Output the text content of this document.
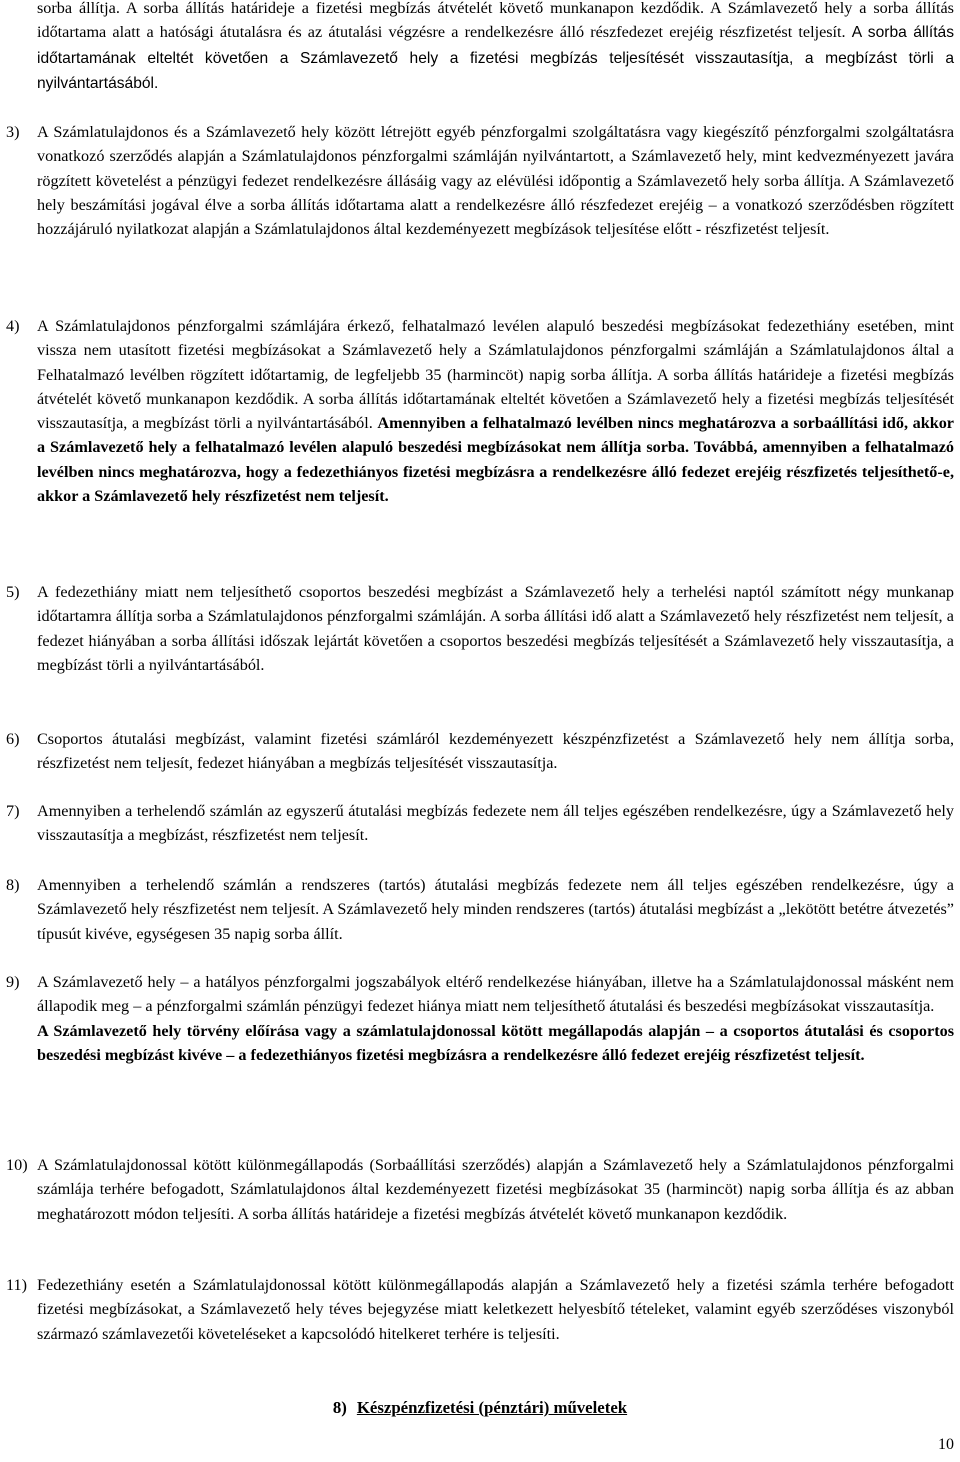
sorba állítja. A sorba állítás határideje a fizetési megbízás átvételét követő munkanapon kezdődik. A Számlavezető hely a sorba állítás időtartama alatt a hatósági átutalásra és az átutalási végzésre a rendelkezésre álló részfedezet erejéig részfizetést teljesít. A sorba állítás időtartamának elteltét követően a Számlavezető hely a fizetési megbízás teljesítését visszautasítja, a megbízást törli a nyilvántartásából.
3) A Számlatulajdonos és a Számlavezető hely között létrejött egyéb pénzforgalmi szolgáltatásra vagy kiegészítő pénzforgalmi szolgáltatásra vonatkozó szerződés alapján a Számlatulajdonos pénzforgalmi számláján nyilvántartott, a Számlavezető hely, mint kedvezményezett javára rögzített követelést a pénzügyi fedezet rendelkezésre állásáig vagy az elévülési időpontig a Számlavezető hely sorba állítja. A Számlavezető hely beszámítási jogával élve a sorba állítás időtartama alatt a rendelkezésre álló részfedezet erejéig – a vonatkozó szerződésben rögzített hozzájáruló nyilatkozat alapján a Számlatulajdonos által kezdeményezett megbízások teljesítése előtt - részfizetést teljesít.
4) A Számlatulajdonos pénzforgalmi számlájára érkező, felhatalmazó levélen alapuló beszedési megbízásokat fedezethiány esetében, mint vissza nem utasított fizetési megbízásokat a Számlavezető hely a Számlatulajdonos pénzforgalmi számláján a Számlatulajdonos által a Felhatalmazó levélben rögzített időtartamig, de legfeljebb 35 (harmincöt) napig sorba állítja. A sorba állítás határideje a fizetési megbízás átvételét követő munkanapon kezdődik. A sorba állítás időtartamának elteltét követően a Számlavezető hely a fizetési megbízás teljesítését visszautasítja, a megbízást törli a nyilvántartásából. Amennyiben a felhatalmazó levélben nincs meghatározva a sorbaállítási idő, akkor a Számlavezető hely a felhatalmazó levélen alapuló beszedési megbízásokat nem állítja sorba. Továbbá, amennyiben a felhatalmazó levélben nincs meghatározva, hogy a fedezethiányos fizetési megbízásra a rendelkezésre álló fedezet erejéig részfizetés teljesíthető-e, akkor a Számlavezető hely részfizetést nem teljesít.
5) A fedezethiány miatt nem teljesíthető csoportos beszedési megbízást a Számlavezető hely a terhelési naptól számított négy munkanap időtartamra állítja sorba a Számlatulajdonos pénzforgalmi számláján. A sorba állítási idő alatt a Számlavezető hely részfizetést nem teljesít, a fedezet hiányában a sorba állítási időszak lejártát követően a csoportos beszedési megbízás teljesítését a Számlavezető hely visszautasítja, a megbízást törli a nyilvántartásából.
6) Csoportos átutalási megbízást, valamint fizetési számláról kezdeményezett készpénzfizetést a Számlavezető hely nem állítja sorba, részfizetést nem teljesít, fedezet hiányában a megbízás teljesítését visszautasítja.
7) Amennyiben a terhelendő számlán az egyszerű átutalási megbízás fedezete nem áll teljes egészében rendelkezésre, úgy a Számlavezető hely visszautasítja a megbízást, részfizetést nem teljesít.
8) Amennyiben a terhelendő számlán a rendszeres (tartós) átutalási megbízás fedezete nem áll teljes egészében rendelkezésre, úgy a Számlavezető hely részfizetést nem teljesít. A Számlavezető hely minden rendszeres (tartós) átutalási megbízást a „lekötött betétre átvezetés” típusút kivéve, egységesen 35 napig sorba állít.
9) A Számlavezető hely – a hatályos pénzforgalmi jogszabályok eltérő rendelkezése hiányában, illetve ha a Számlatulajdonossal másként nem állapodik meg – a pénzforgalmi számlán pénzügyi fedezet hiánya miatt nem teljesíthető átutalási és beszedési megbízásokat visszautasítja.
A Számlavezető hely törvény előírása vagy a számlatulajdonossal kötött megállapodás alapján – a csoportos átutalási és csoportos beszedési megbízást kivéve – a fedezethiányos fizetési megbízásra a rendelkezésre álló fedezet erejéig részfizetést teljesít.
10) A Számlatulajdonossal kötött különmegállapodás (Sorbaállítási szerződés) alapján a Számlavezető hely a Számlatulajdonos pénzforgalmi számlája terhére befogadott, Számlatulajdonos által kezdeményezett fizetési megbízásokat 35 (harmincöt) napig sorba állítja és az abban meghatározott módon teljesíti. A sorba állítás határideje a fizetési megbízás átvételét követő munkanapon kezdődik.
11) Fedezethiány esetén a Számlatulajdonossal kötött különmegállapodás alapján a Számlavezető hely a fizetési számla terhére befogadott fizetési megbízásokat, a Számlavezető hely téves bejegyzése miatt keletkezett helyesbítő tételeket, valamint egyéb szerződéses viszonyból származó számlavezetői követeléseket a kapcsolódó hitelkeret terhére is teljesíti.
8) Készpénzfizetési (pénztári) műveletek
10
